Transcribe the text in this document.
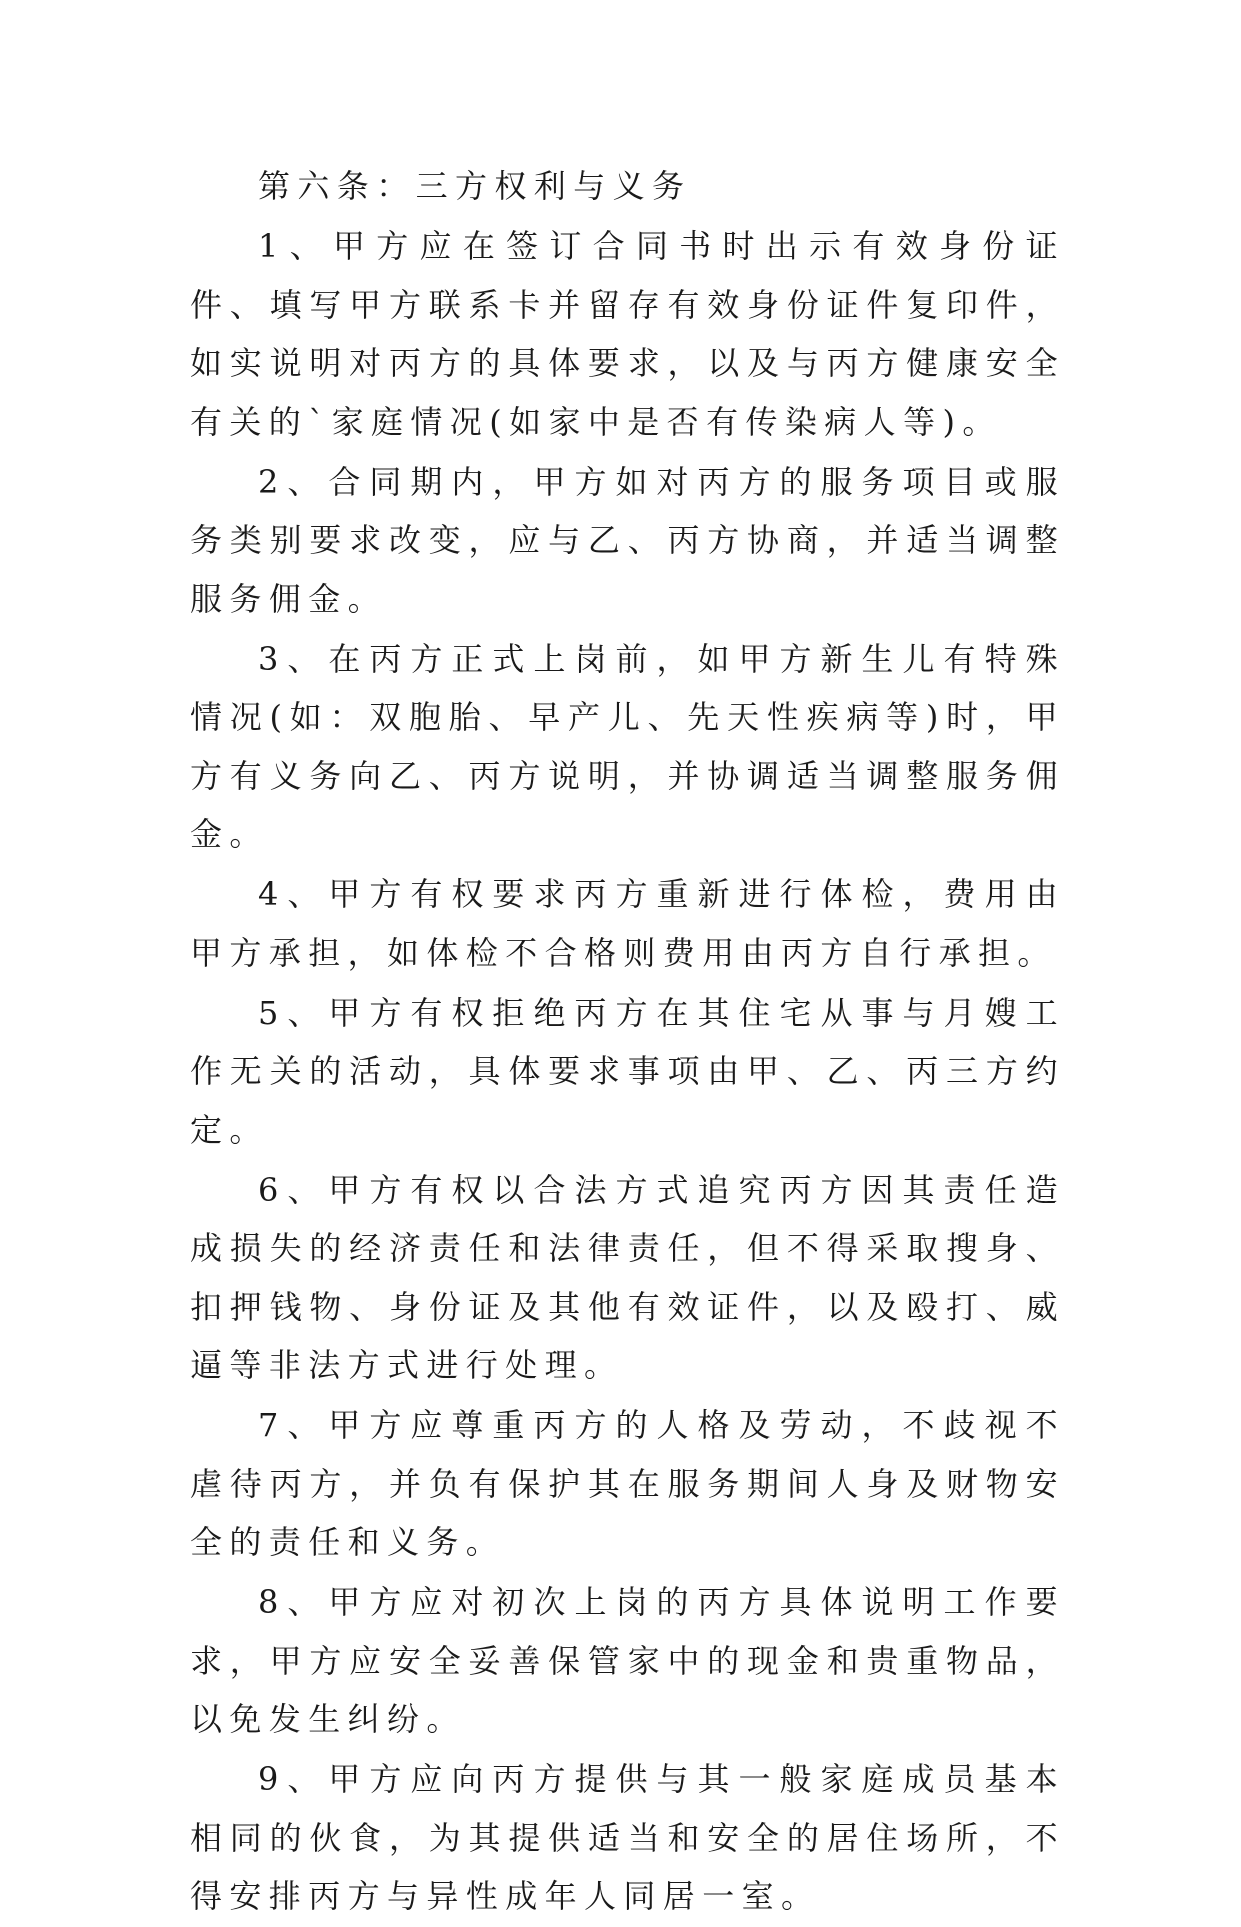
第六条：三方权利与义务

1、甲方应在签订合同书时出示有效身份证件、填写甲方联系卡并留存有效身份证件复印件，如实说明对丙方的具体要求，以及与丙方健康安全有关的`家庭情况(如家中是否有传染病人等)。

2、合同期内，甲方如对丙方的服务项目或服务类别要求改变，应与乙、丙方协商，并适当调整服务佣金。

3、在丙方正式上岗前，如甲方新生儿有特殊情况(如：双胞胎、早产儿、先天性疾病等)时，甲方有义务向乙、丙方说明，并协调适当调整服务佣金。

4、甲方有权要求丙方重新进行体检，费用由甲方承担，如体检不合格则费用由丙方自行承担。

5、甲方有权拒绝丙方在其住宅从事与月嫂工作无关的活动，具体要求事项由甲、乙、丙三方约定。

6、甲方有权以合法方式追究丙方因其责任造成损失的经济责任和法律责任，但不得采取搜身、扣押钱物、身份证及其他有效证件，以及殴打、威逼等非法方式进行处理。

7、甲方应尊重丙方的人格及劳动，不歧视不虐待丙方，并负有保护其在服务期间人身及财物安全的责任和义务。

8、甲方应对初次上岗的丙方具体说明工作要求，甲方应安全妥善保管家中的现金和贵重物品，以免发生纠纷。

9、甲方应向丙方提供与其一般家庭成员基本相同的伙食，为其提供适当和安全的居住场所，不得安排丙方与异性成年人同居一室。
